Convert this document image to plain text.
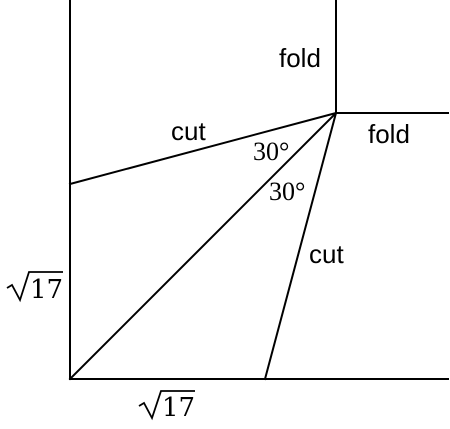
fold
fold
cut
cut
30°
30°
17
17
